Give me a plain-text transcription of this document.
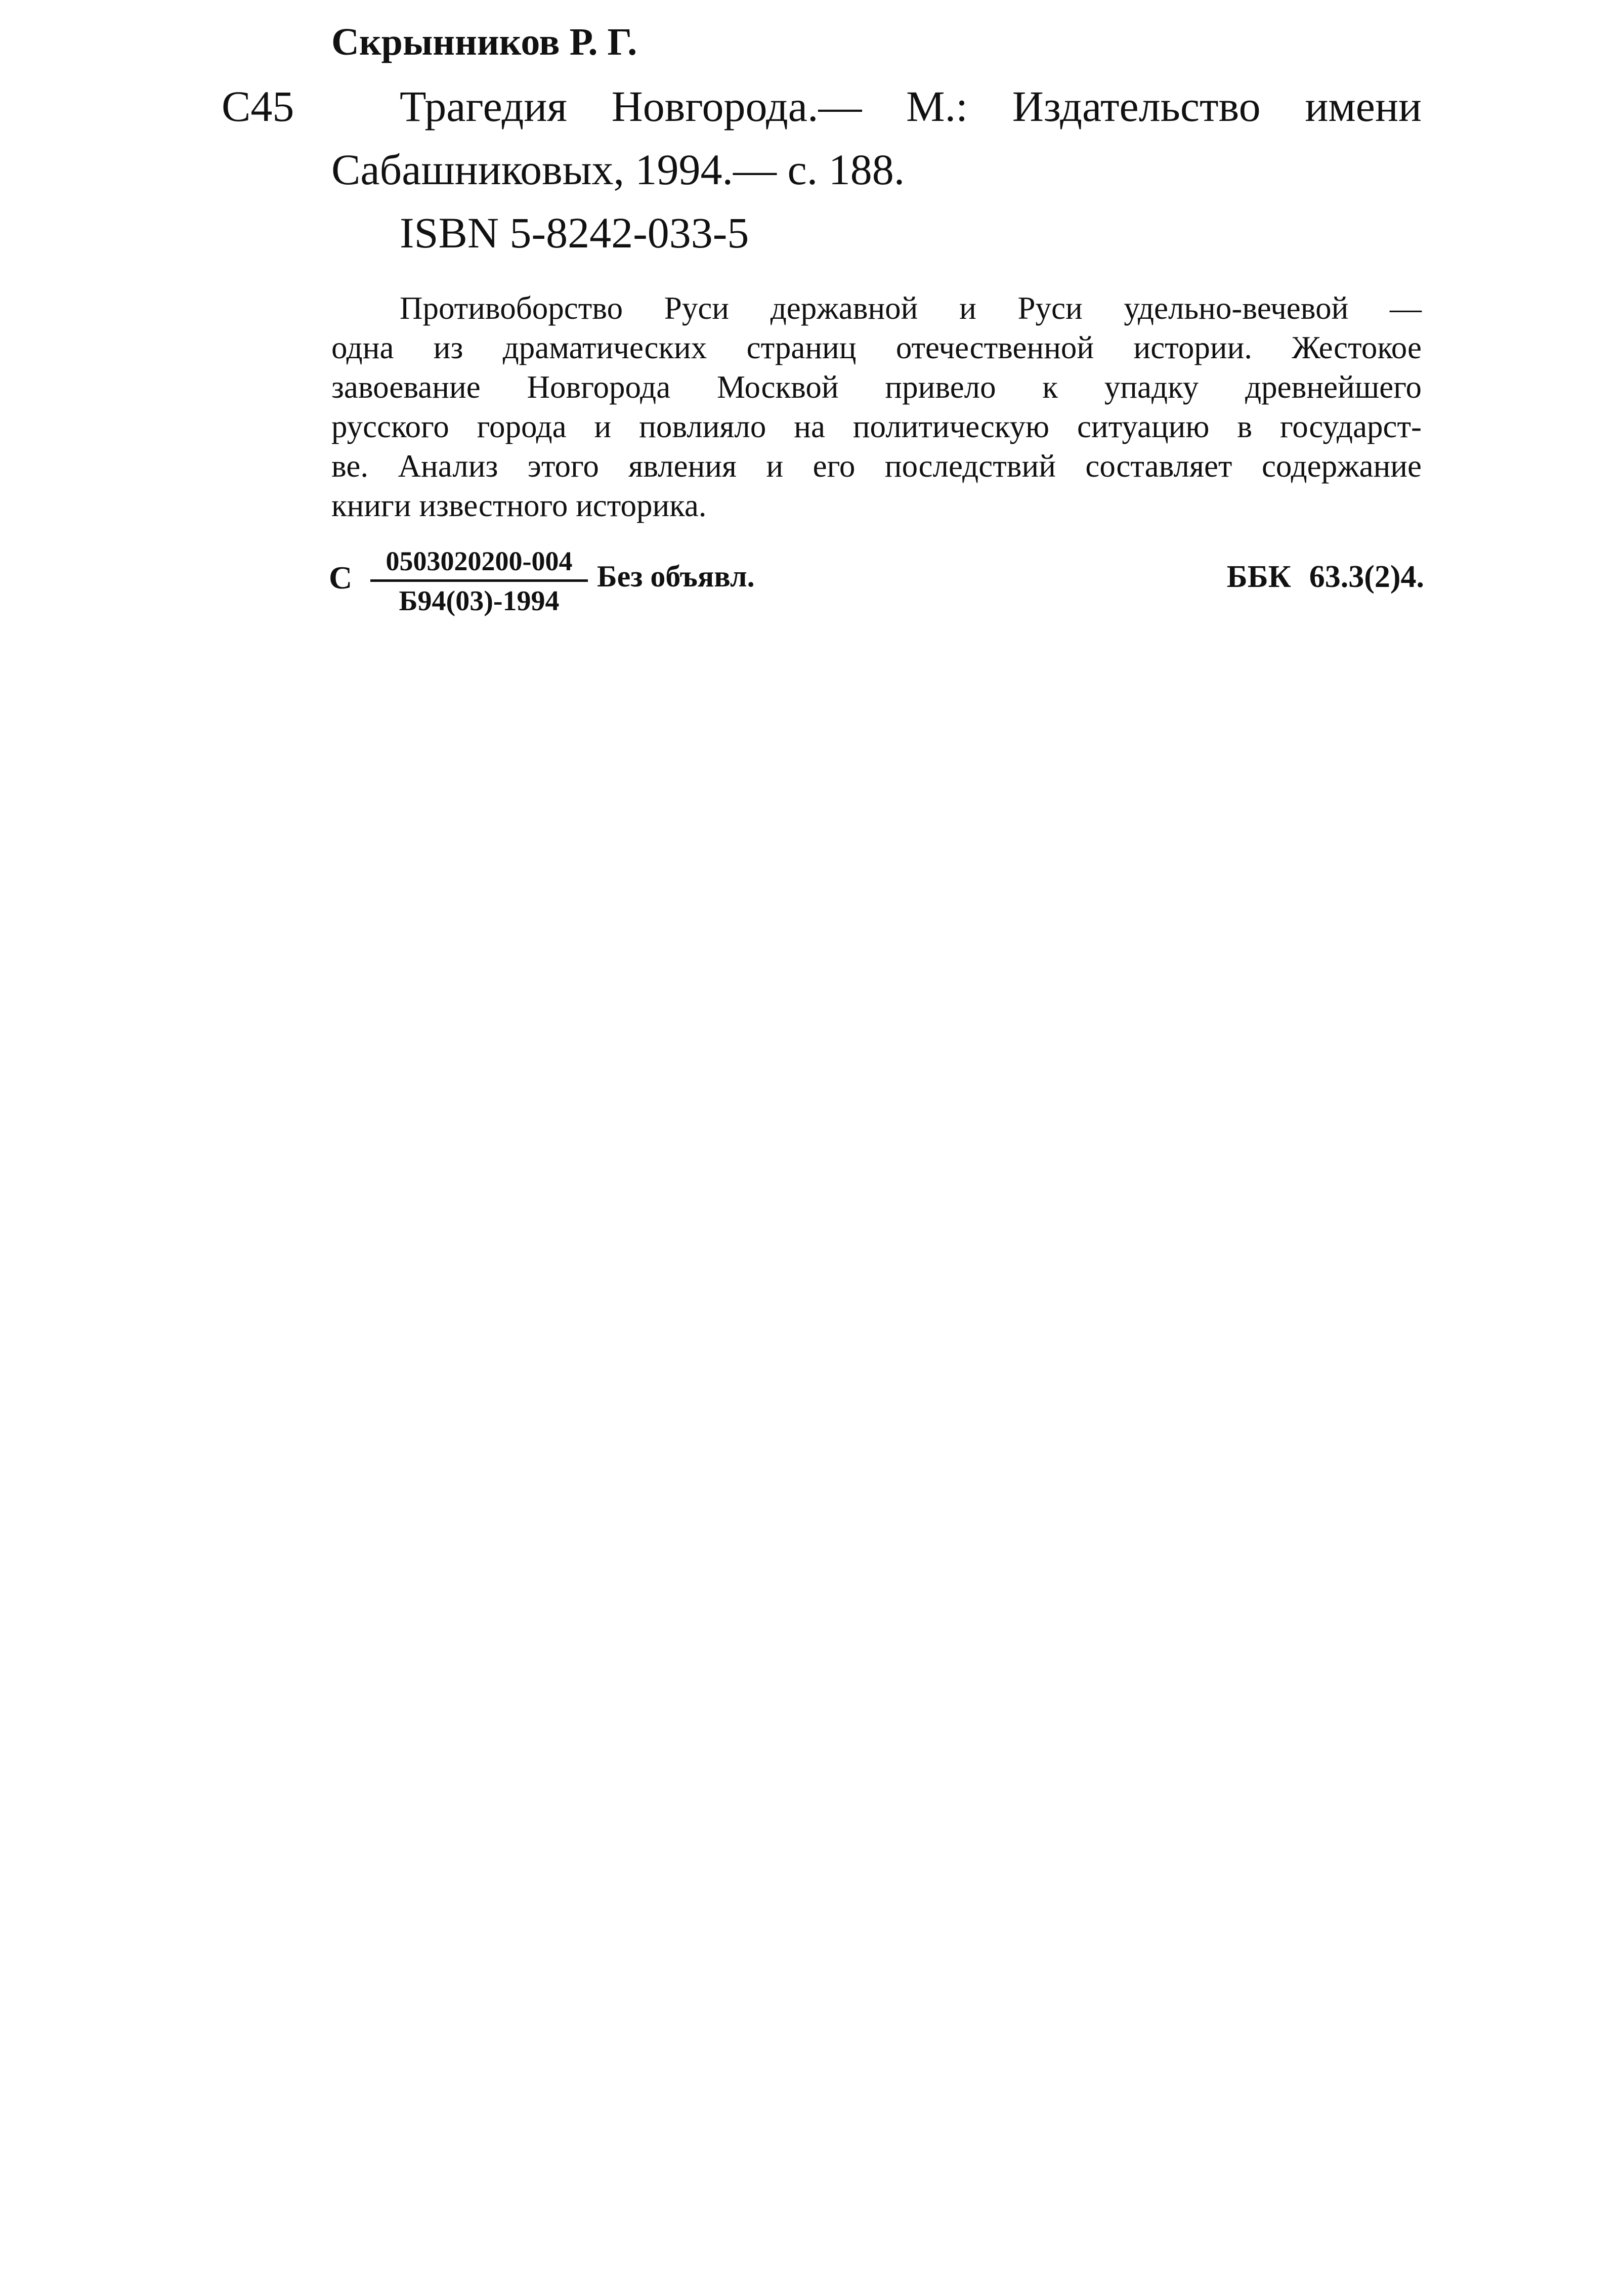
Скрынников Р. Г.
С45 Трагедия Новгорода.— М.: Издательство имени
Сабашниковых, 1994.— с. 188.
ISBN 5-8242-033-5
Противоборство Руси державной и Руси удельно-вечевой —
одна из драматических страниц отечественной истории. Жестокое
завоевание Новгорода Москвой привело к упадку древнейшего
русского города и повлияло на политическую ситуацию в государст-
ве. Анализ этого явления и его последствий составляет содержание
книги известного историка.
С	0503020200-004
Б94(03)-1994
Без объявл.	ББК 63.3(2)4.
